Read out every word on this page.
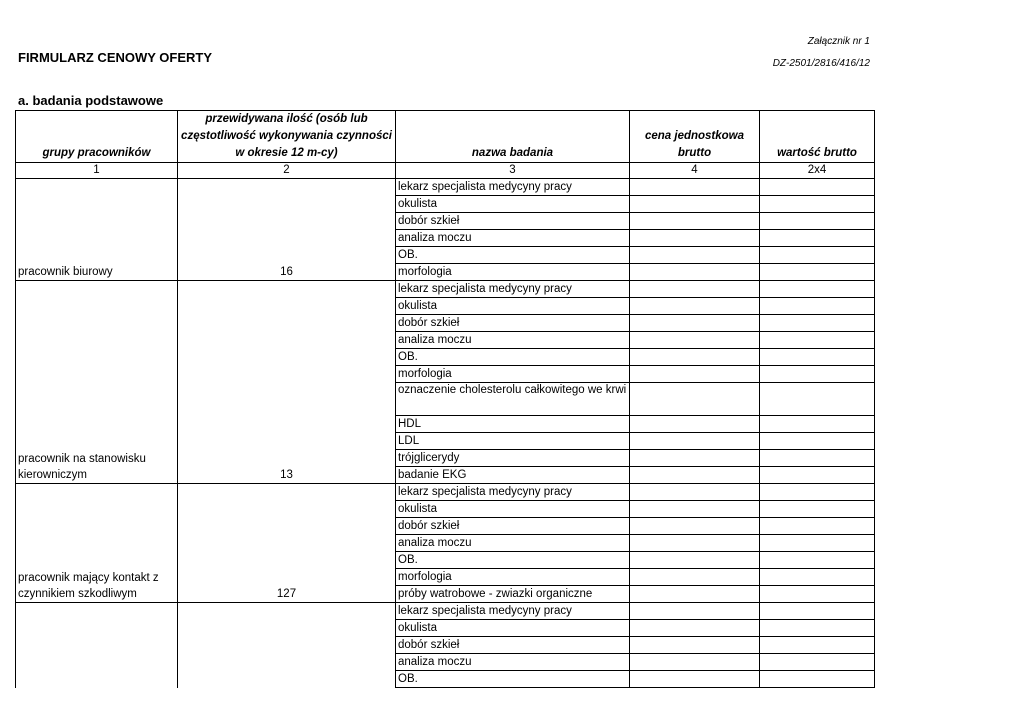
Załącznik nr 1
FIRMULARZ CENOWY OFERTY	DZ-2501/2816/416/12
a. badania podstawowe
grupy pracowników	przewidywana ilość (osób lub częstotliwość wykonywania czynności w okresie 12 m-cy)	nazwa badania	cena jednostkowa brutto	wartość brutto
1	2	3	4	2x4
pracownik biurowy	16	lekarz specjalista medycyny pracy		
		okulista		
		dobór szkieł		
		analiza moczu		
		OB.		
		morfologia		
pracownik na stanowisku kierowniczym	13	lekarz specjalista medycyny pracy		
		okulista		
		dobór szkieł		
		analiza moczu		
		OB.		
		morfologia		
		oznaczenie cholesterolu całkowitego we krwi		
		HDL		
		LDL		
		trójglicerydy		
		badanie EKG		
pracownik mający kontakt z czynnikiem szkodliwym	127	lekarz specjalista medycyny pracy		
		okulista		
		dobór szkieł		
		analiza moczu		
		OB.		
		morfologia		
		próby watrobowe - zwiazki organiczne		
		lekarz specjalista medycyny pracy		
		okulista		
		dobór szkieł		
		analiza moczu		
		OB.		
